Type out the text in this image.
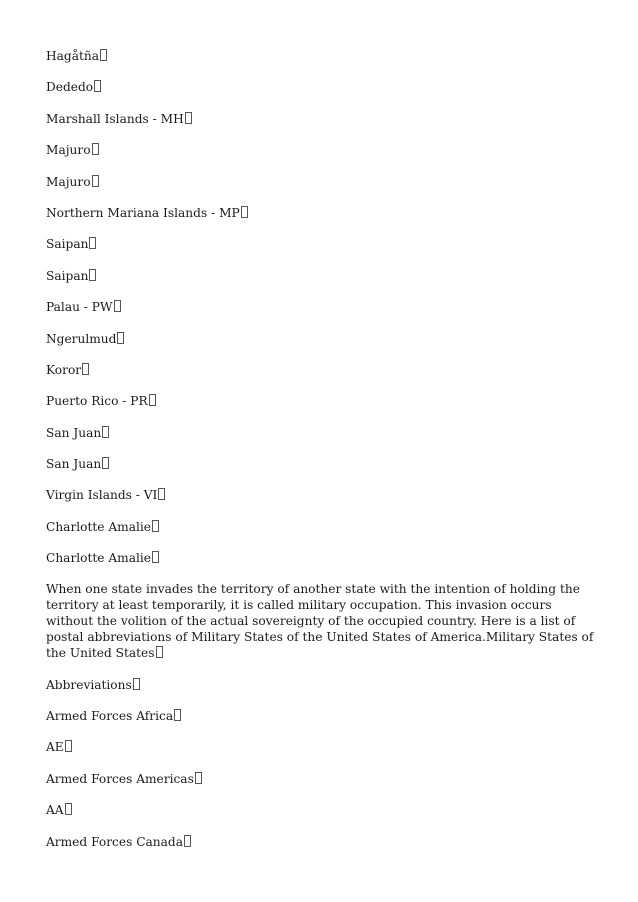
Hagåtña
Dededo
Marshall Islands - MH
Majuro
Majuro
Northern Mariana Islands - MP
Saipan
Saipan
Palau - PW
Ngerulmud
Koror
Puerto Rico - PR
San Juan
San Juan
Virgin Islands - VI
Charlotte Amalie
Charlotte Amalie
When one state invades the territory of another state with the intention of holding the territory at least temporarily, it is called military occupation. This invasion occurs without the volition of the actual sovereignty of the occupied country. Here is a list of postal abbreviations of Military States of the United States of America.Military States of the United States
Abbreviations
Armed Forces Africa
AE
Armed Forces Americas
AA
Armed Forces Canada
